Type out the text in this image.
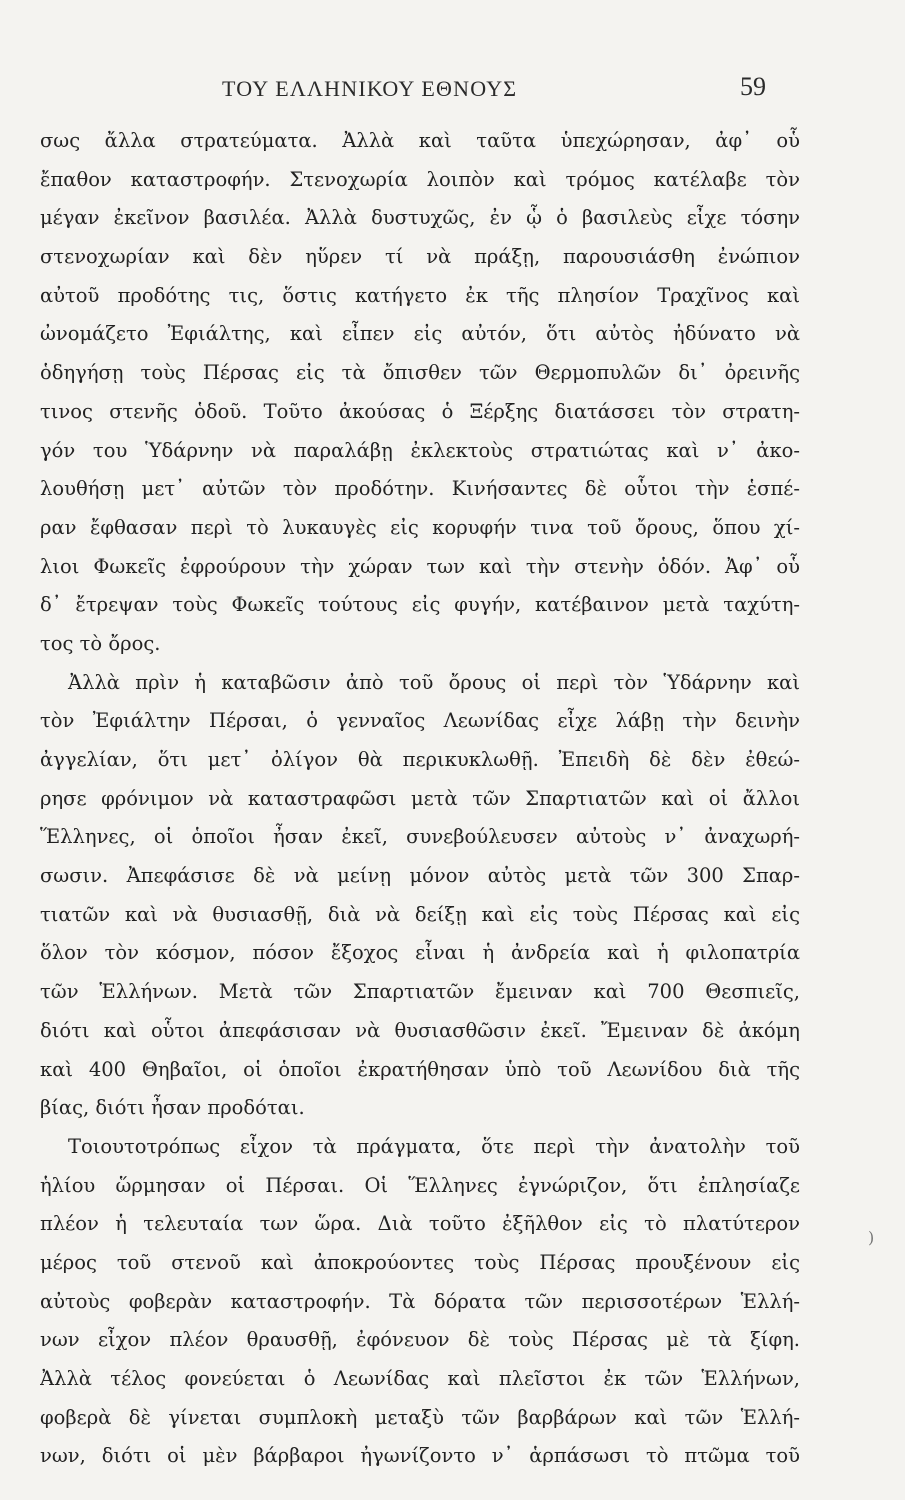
ΤΟΥ ΕΛΛΗΝΙΚΟΥ ΕΘΝΟΥΣ	59
σως ἄλλα στρατεύματα. Ἀλλὰ καὶ ταῦτα ὑπεχώρησαν, ἀφ᾽ οὗ
ἔπαθον καταστροφήν. Στενοχωρία λοιπὸν καὶ τρόμος κατέλαβε τὸν
μέγαν ἐκεῖνον βασιλέα. Ἀλλὰ δυστυχῶς, ἐν ᾧ ὁ βασιλεὺς εἶχε τόσην
στενοχωρίαν καὶ δὲν ηὕρεν τί νὰ πράξῃ, παρουσιάσθη ἐνώπιον
αὐτοῦ προδότης τις, ὅστις κατήγετο ἐκ τῆς πλησίον Τραχῖνος καὶ
ὠνομάζετο Ἐφιάλτης, καὶ εἶπεν εἰς αὐτόν, ὅτι αὐτὸς ἠδύνατο νὰ
ὁδηγήσῃ τοὺς Πέρσας εἰς τὰ ὄπισθεν τῶν Θερμοπυλῶν δι᾽ ὀρεινῆς
τινος στενῆς ὁδοῦ. Τοῦτο ἀκούσας ὁ Ξέρξης διατάσσει τὸν στρατη-
γόν του Ὑδάρνην νὰ παραλάβῃ ἐκλεκτοὺς στρατιώτας καὶ ν᾽ ἀκο-
λουθήσῃ μετ᾽ αὐτῶν τὸν προδότην. Κινήσαντες δὲ οὗτοι τὴν ἑσπέ-
ραν ἔφθασαν περὶ τὸ λυκαυγὲς εἰς κορυφήν τινα τοῦ ὄρους, ὅπου χί-
λιοι Φωκεῖς ἐφρούρουν τὴν χώραν των καὶ τὴν στενὴν ὁδόν. Ἀφ᾽ οὗ
δ᾽ ἔτρεψαν τοὺς Φωκεῖς τούτους εἰς φυγήν, κατέβαινον μετὰ ταχύτη-
τος τὸ ὄρος.
Ἀλλὰ πρὶν ἡ καταβῶσιν ἀπὸ τοῦ ὄρους οἱ περὶ τὸν Ὑδάρνην καὶ
τὸν Ἐφιάλτην Πέρσαι, ὁ γενναῖος Λεωνίδας εἶχε λάβῃ τὴν δεινὴν
ἀγγελίαν, ὅτι μετ᾽ ὀλίγον θὰ περικυκλωθῇ. Ἐπειδὴ δὲ δὲν ἐθεώ-
ρησε φρόνιμον νὰ καταστραφῶσι μετὰ τῶν Σπαρτιατῶν καὶ οἱ ἄλλοι
Ἕλληνες, οἱ ὁποῖοι ἦσαν ἐκεῖ, συνεβούλευσεν αὐτοὺς ν᾽ ἀναχωρή-
σωσιν. Ἀπεφάσισε δὲ νὰ μείνῃ μόνον αὐτὸς μετὰ τῶν 300 Σπαρ-
τιατῶν καὶ νὰ θυσιασθῇ, διὰ νὰ δείξῃ καὶ εἰς τοὺς Πέρσας καὶ εἰς
ὅλον τὸν κόσμον, πόσον ἔξοχος εἶναι ἡ ἀνδρεία καὶ ἡ φιλοπατρία
τῶν Ἑλλήνων. Μετὰ τῶν Σπαρτιατῶν ἔμειναν καὶ 700 Θεσπιεῖς,
διότι καὶ οὗτοι ἀπεφάσισαν νὰ θυσιασθῶσιν ἐκεῖ. Ἔμειναν δὲ ἀκόμη
καὶ 400 Θηβαῖοι, οἱ ὁποῖοι ἐκρατήθησαν ὑπὸ τοῦ Λεωνίδου διὰ τῆς
βίας, διότι ἦσαν προδόται.
Τοιουτοτρόπως εἶχον τὰ πράγματα, ὅτε περὶ τὴν ἀνατολὴν τοῦ
ἡλίου ὥρμησαν οἱ Πέρσαι. Οἱ Ἕλληνες ἐγνώριζον, ὅτι ἐπλησίαζε
πλέον ἡ τελευταία των ὥρα. Διὰ τοῦτο ἐξῆλθον εἰς τὸ πλατύτερον
μέρος τοῦ στενοῦ καὶ ἀποκρούοντες τοὺς Πέρσας προυξένουν εἰς
αὐτοὺς φοβερὰν καταστροφήν. Τὰ δόρατα τῶν περισσοτέρων Ἑλλή-
νων εἶχον πλέον θραυσθῇ, ἐφόνευον δὲ τοὺς Πέρσας μὲ τὰ ξίφη.
Ἀλλὰ τέλος φονεύεται ὁ Λεωνίδας καὶ πλεῖστοι ἐκ τῶν Ἑλλήνων,
φοβερὰ δὲ γίνεται συμπλοκὴ μεταξὺ τῶν βαρβάρων καὶ τῶν Ἑλλή-
νων, διότι οἱ μὲν βάρβαροι ἠγωνίζοντο ν᾽ ἁρπάσωσι τὸ πτῶμα τοῦ
)
